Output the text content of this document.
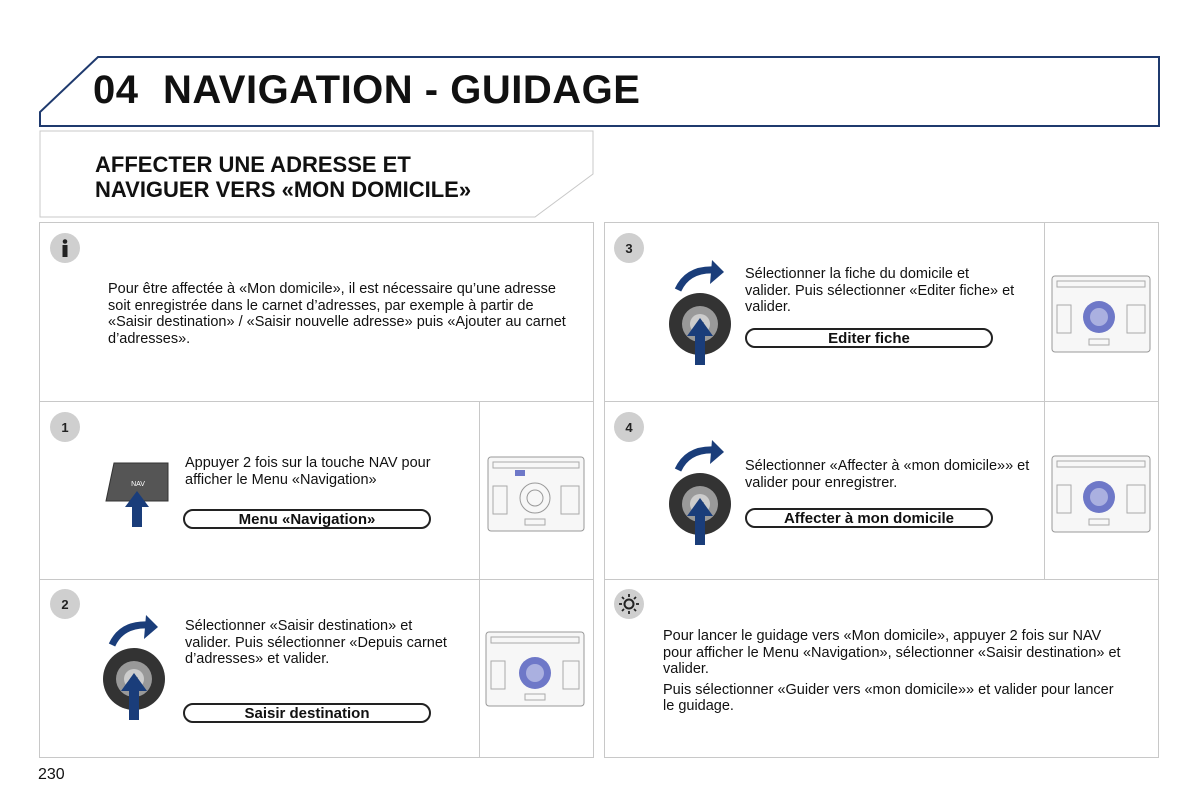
04 NAVIGATION - GUIDAGE
AFFECTER UNE ADRESSE ET
NAVIGUER VERS «MON DOMICILE»
Pour être affectée à «Mon domicile», il est nécessaire qu’une adresse soit enregistrée dans le carnet d’adresses, par exemple à partir de «Saisir destination» / «Saisir nouvelle adresse» puis «Ajouter au carnet d’adresses».
1
NAV
Appuyer 2 fois sur la touche NAV pour afficher le Menu «Navigation»
Menu «Navigation»
2
Sélectionner «Saisir destination» et valider. Puis sélectionner «Depuis carnet d’adresses» et valider.
Saisir destination
3
Sélectionner la fiche du domicile et valider. Puis sélectionner «Editer fiche» et valider.
Editer fiche
4
Sélectionner «Affecter à «mon domicile»» et valider pour enregistrer.
Affecter à mon domicile

Pour lancer le guidage vers «Mon domicile», appuyer 2 fois sur NAV pour afficher le Menu «Navigation», sélectionner «Saisir destination» et valider.

Puis sélectionner «Guider vers «mon domicile»» et valider pour lancer le guidage.

230
